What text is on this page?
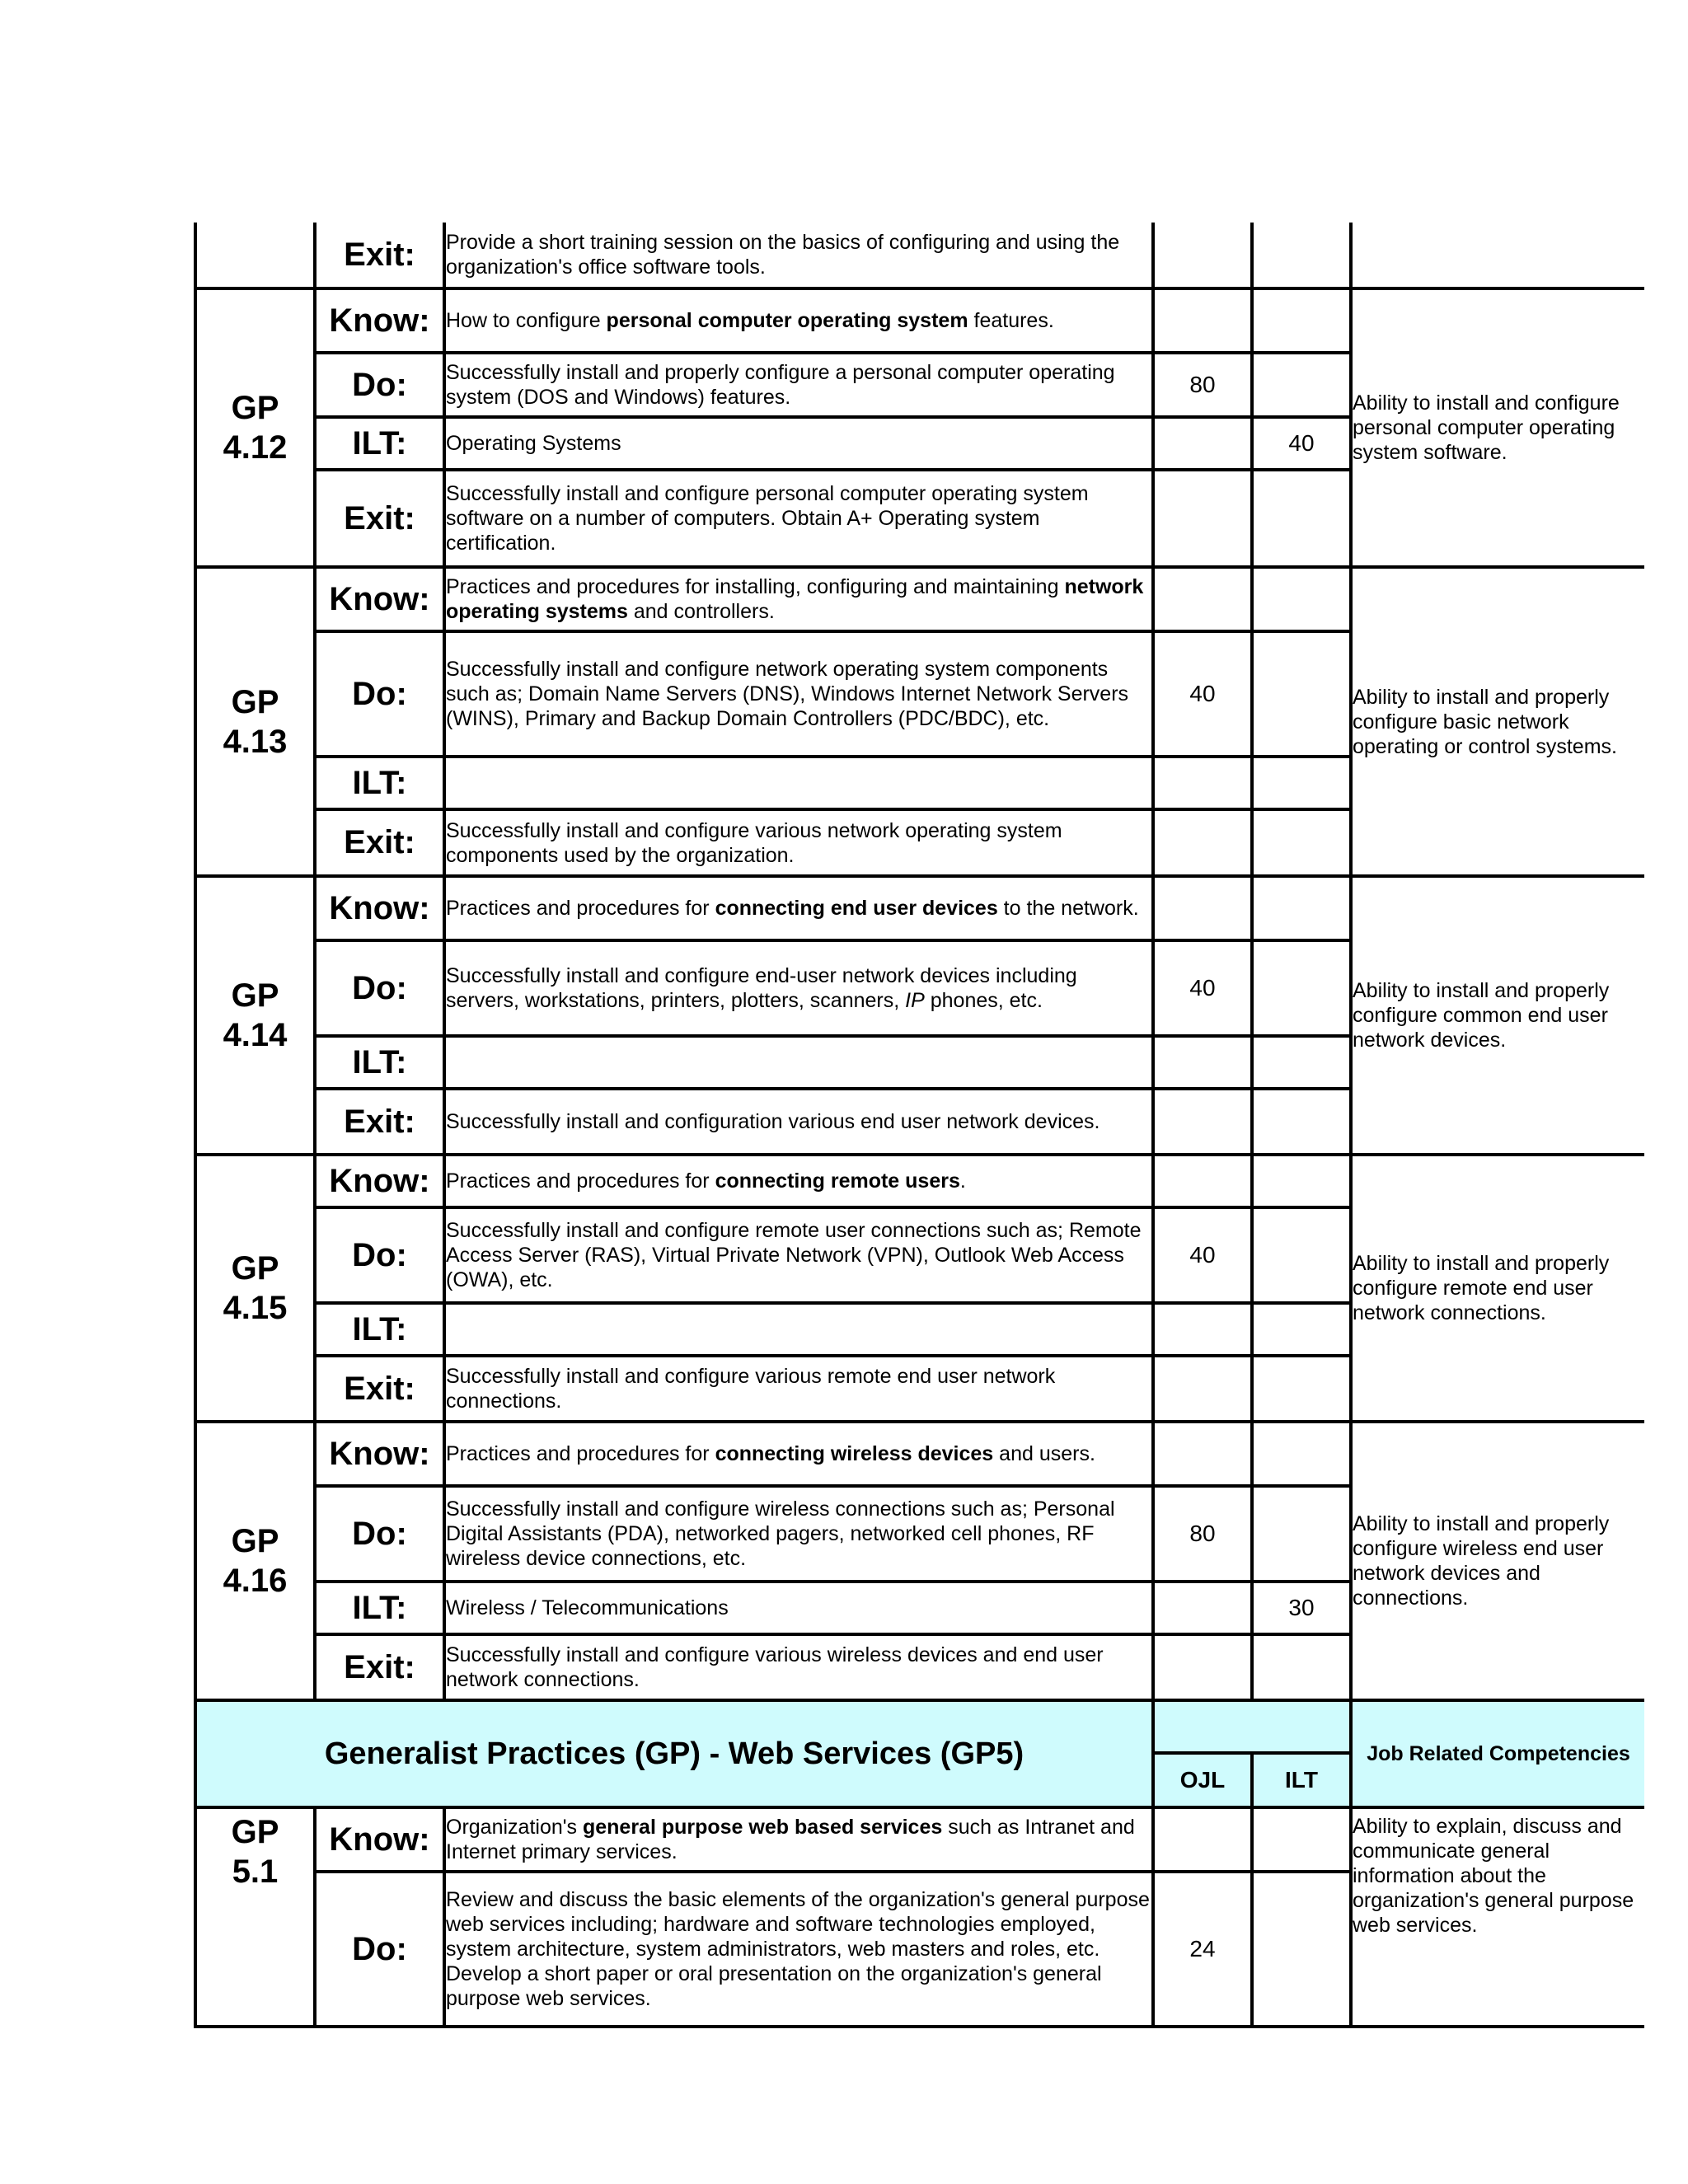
	Exit:	Provide a short training session on the basics of configuring and using the organization's office software tools.			

GP
4.12	Know:	How to configure personal computer operating system features.			Ability to install and configure personal computer operating system software.
	Do:	Successfully install and properly configure a personal computer operating system (DOS and Windows) features.	80		
	ILT:	Operating Systems		40	
	Exit:	Successfully install and configure personal computer operating system software on a number of computers. Obtain A+ Operating system certification.			

GP
4.13	Know:	Practices and procedures for installing, configuring and maintaining network operating systems and controllers.			Ability to install and properly configure basic network operating or control systems.
	Do:	Successfully install and configure network operating system components such as; Domain Name Servers (DNS), Windows Internet Network Servers (WINS), Primary and Backup Domain Controllers (PDC/BDC), etc.	40		
	ILT:				
	Exit:	Successfully install and configure various network operating system components used by the organization.			

GP
4.14	Know:	Practices and procedures for connecting end user devices to the network.			Ability to install and properly configure common end user network devices.
	Do:	Successfully install and configure end-user network devices including servers, workstations, printers, plotters, scanners, IP phones, etc.	40		
	ILT:				
	Exit:	Successfully install and configuration various end user network devices.			

GP
4.15	Know:	Practices and procedures for connecting remote users.			Ability to install and properly configure remote end user network connections.
	Do:	Successfully install and configure remote user connections such as; Remote Access Server (RAS), Virtual Private Network (VPN), Outlook Web Access (OWA), etc.	40		
	ILT:				
	Exit:	Successfully install and configure various remote end user network connections.			

GP
4.16	Know:	Practices and procedures for connecting wireless devices and users.			Ability to install and properly configure wireless end user network devices and connections.
	Do:	Successfully install and configure wireless connections such as; Personal Digital Assistants (PDA), networked pagers, networked cell phones, RF wireless device connections, etc.	80		
	ILT:	Wireless / Telecommunications		30	
	Exit:	Successfully install and configure various wireless devices and end user network connections.			
Generalist Practices (GP) - Web Services (GP5)					Job Related Competencies
			OJL	ILT	

GP
5.1	Know:	Organization's general purpose web based services such as Intranet and Internet primary services.			Ability to explain, discuss and communicate general information about the organization's general purpose web services.
	Do:	Review and discuss the basic elements of the organization's general purpose web services including; hardware and software technologies employed, system architecture, system administrators, web masters and roles, etc. Develop a short paper or oral presentation on the organization's general purpose web services.	24		
